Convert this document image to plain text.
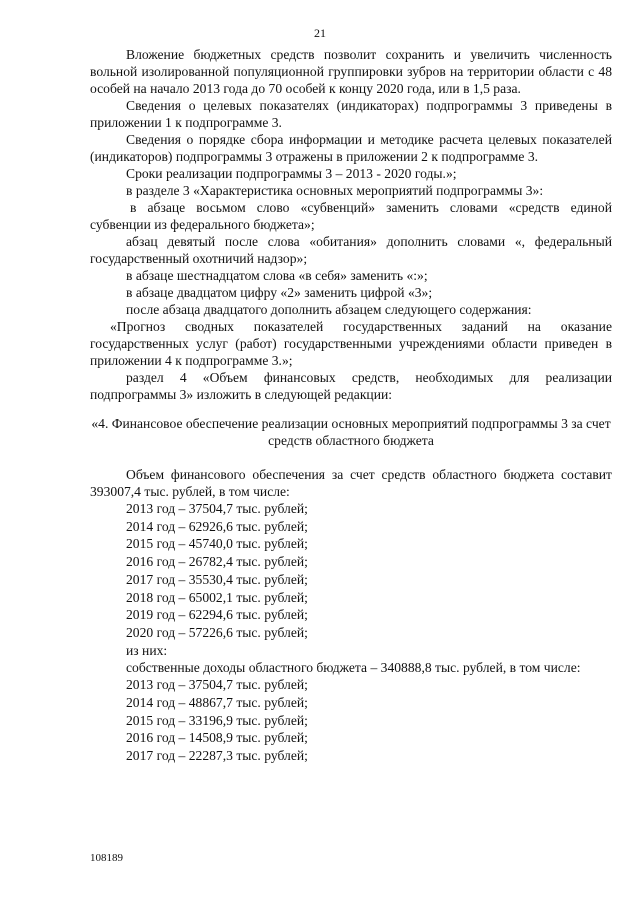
21

Вложение бюджетных средств позволит сохранить и увеличить численность вольной изолированной популяционной группировки зубров на территории области с 48 особей на начало 2013 года до 70 особей к концу 2020 года, или в 1,5 раза.

Сведения о целевых показателях (индикаторах) подпрограммы 3 приведены в приложении 1 к подпрограмме 3.

Сведения о порядке сбора информации и методике расчета целевых показателей (индикаторов) подпрограммы 3 отражены в приложении 2 к подпрограмме 3.

Сроки реализации подпрограммы 3 – 2013 - 2020 годы.»;

в разделе 3 «Характеристика основных мероприятий подпрограммы 3»:

в абзаце восьмом слово «субвенций» заменить словами «средств единой субвенции из федерального бюджета»;

абзац девятый после слова «обитания» дополнить словами «, федеральный государственный охотничий надзор»;

в абзаце шестнадцатом слова «в себя» заменить «:»;

в абзаце двадцатом цифру «2» заменить цифрой «3»;

после абзаца двадцатого дополнить абзацем следующего содержания:

«Прогноз сводных показателей государственных заданий на оказание государственных услуг (работ) государственными учреждениями области приведен в приложении 4 к подпрограмме 3.»;

раздел 4 «Объем финансовых средств, необходимых для реализации подпрограммы 3» изложить в следующей редакции:

«4. Финансовое обеспечение реализации основных мероприятий подпрограммы 3 за счет средств областного бюджета

Объем финансового обеспечения за счет средств областного бюджета составит 393007,4 тыс. рублей, в том числе:

2013 год – 37504,7 тыс. рублей;

2014 год – 62926,6 тыс. рублей;

2015 год – 45740,0 тыс. рублей;

2016 год – 26782,4 тыс. рублей;

2017 год – 35530,4 тыс. рублей;

2018 год – 65002,1 тыс. рублей;

2019 год – 62294,6 тыс. рублей;

2020 год – 57226,6 тыс. рублей;

из них:

собственные доходы областного бюджета – 340888,8 тыс. рублей, в том числе:

2013 год – 37504,7 тыс. рублей;

2014 год – 48867,7 тыс. рублей;

2015 год – 33196,9 тыс. рублей;

2016 год – 14508,9 тыс. рублей;

2017 год – 22287,3 тыс. рублей;

108189
